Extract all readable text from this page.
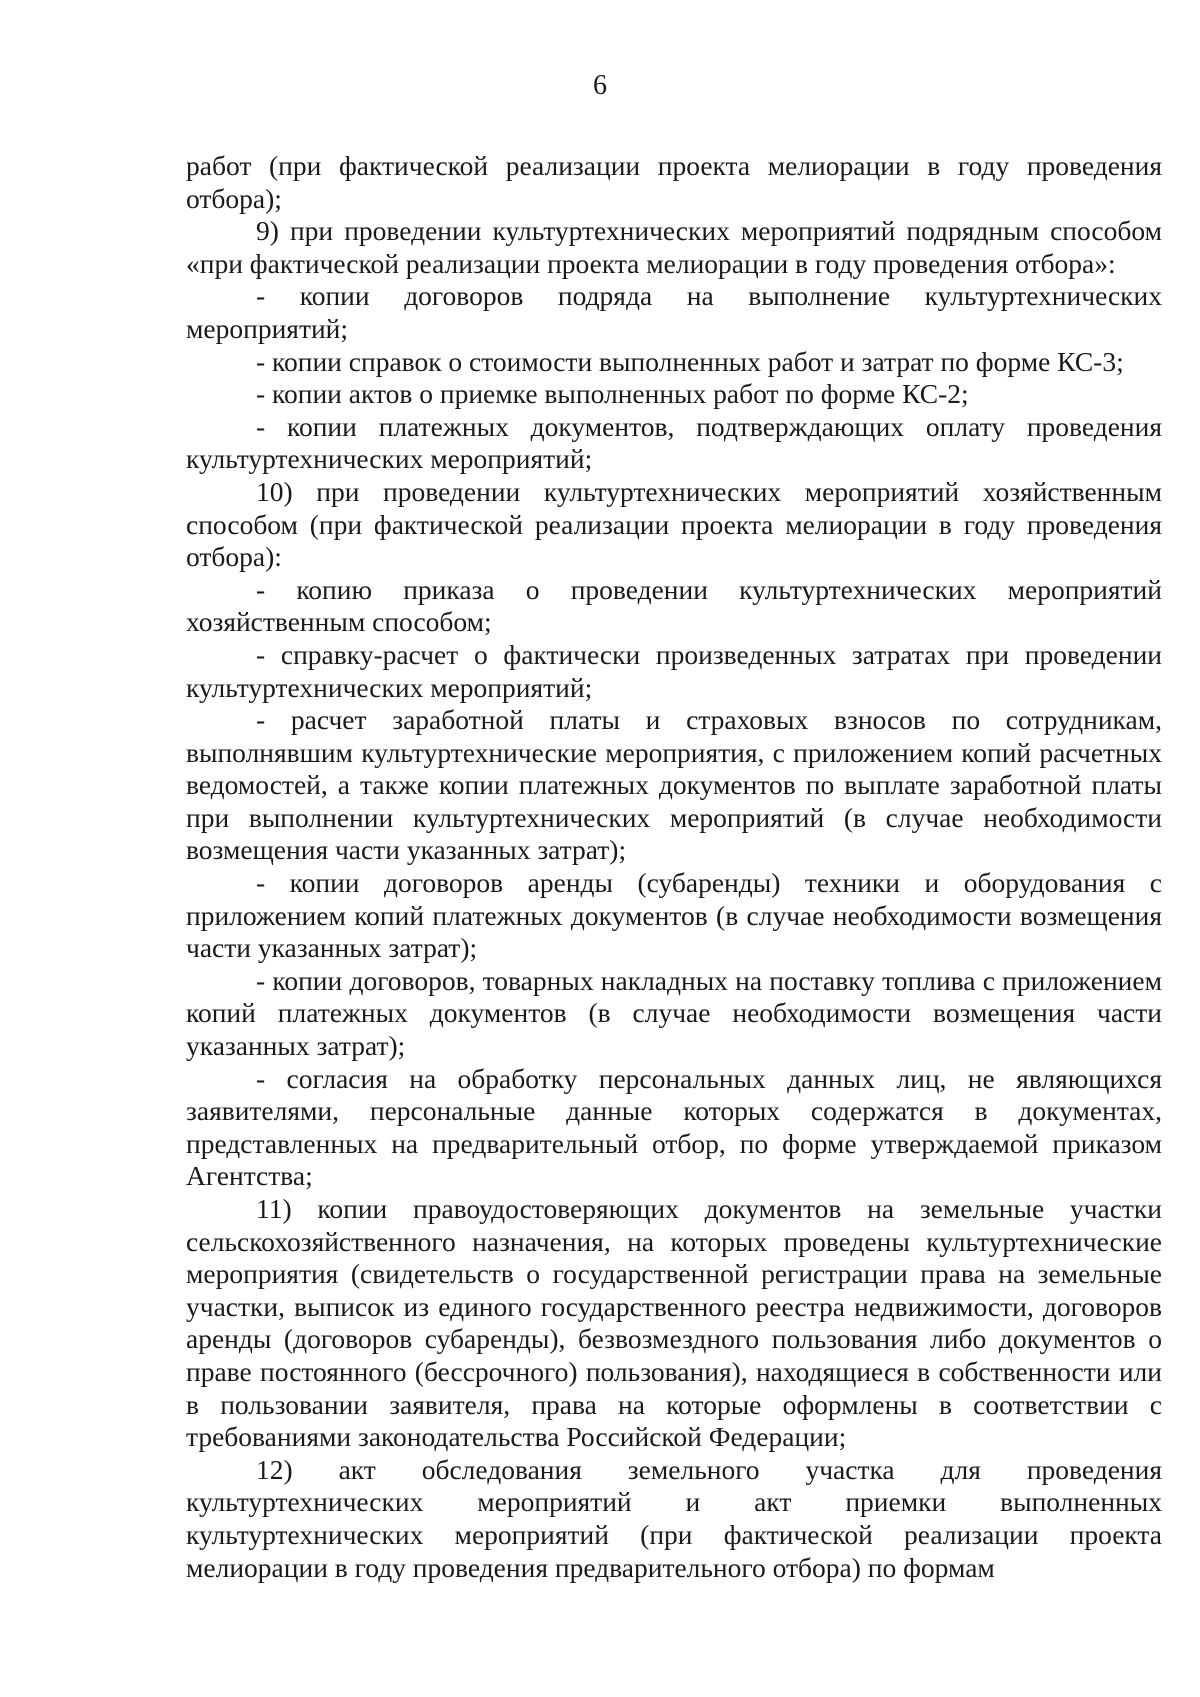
6

работ (при фактической реализации проекта мелиорации в году проведения отбора);

9) при проведении культуртехнических мероприятий подрядным способом «при фактической реализации проекта мелиорации в году проведения отбора»:

- копии договоров подряда на выполнение культуртехнических мероприятий;

- копии справок о стоимости выполненных работ и затрат по форме КС-3;

- копии актов о приемке выполненных работ по форме КС-2;

- копии платежных документов, подтверждающих оплату проведения культуртехнических мероприятий;

10) при проведении культуртехнических мероприятий хозяйственным способом (при фактической реализации проекта мелиорации в году проведения отбора):

- копию приказа о проведении культуртехнических мероприятий хозяйственным способом;

- справку-расчет о фактически произведенных затратах при проведении культуртехнических мероприятий;

- расчет заработной платы и страховых взносов по сотрудникам, выполнявшим культуртехнические мероприятия, с приложением копий расчетных ведомостей, а также копии платежных документов по выплате заработной платы при выполнении культуртехнических мероприятий (в случае необходимости возмещения части указанных затрат);

- копии договоров аренды (субаренды) техники и оборудования с приложением копий платежных документов (в случае необходимости возмещения части указанных затрат);

- копии договоров, товарных накладных на поставку топлива с приложением копий платежных документов (в случае необходимости возмещения части указанных затрат);

- согласия на обработку персональных данных лиц, не являющихся заявителями, персональные данные которых содержатся в документах, представленных на предварительный отбор, по форме утверждаемой приказом Агентства;

11) копии правоудостоверяющих документов на земельные участки сельскохозяйственного назначения, на которых проведены культуртехнические мероприятия (свидетельств о государственной регистрации права на земельные участки, выписок из единого государственного реестра недвижимости, договоров аренды (договоров субаренды), безвозмездного пользования либо документов о праве постоянного (бессрочного) пользования), находящиеся в собственности или в пользовании заявителя, права на которые оформлены в соответствии с требованиями законодательства Российской Федерации;

12) акт обследования земельного участка для проведения культуртехнических мероприятий и акт приемки выполненных культуртехнических мероприятий (при фактической реализации проекта мелиорации в году проведения предварительного отбора) по формам
